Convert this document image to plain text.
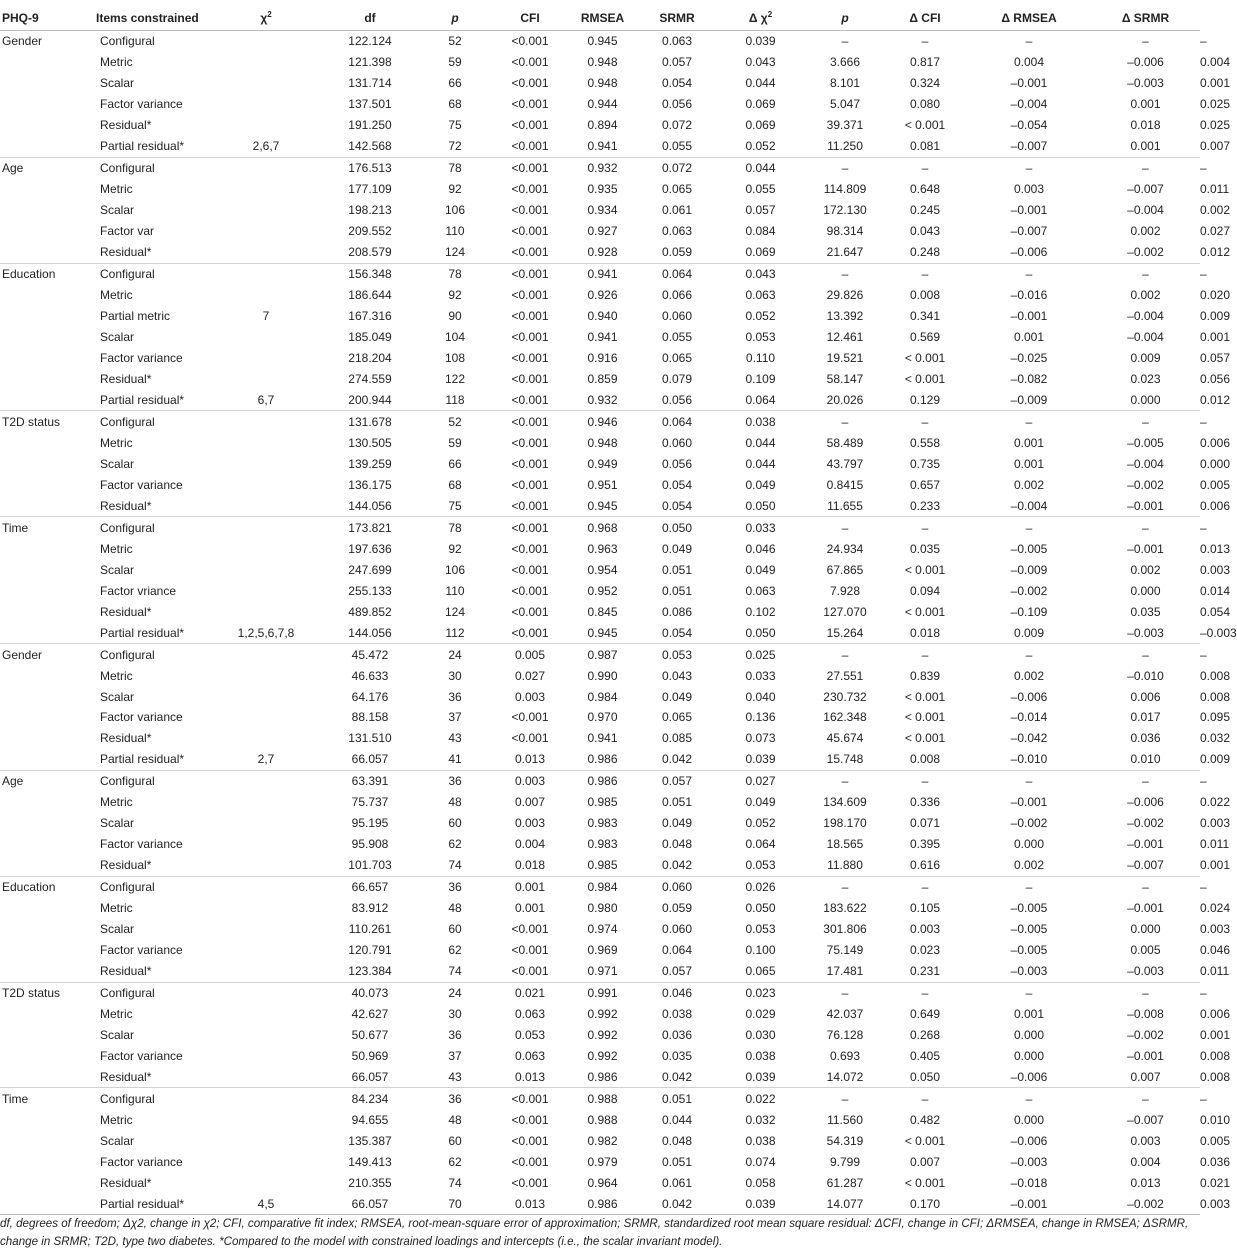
PHQ-9	Items constrained	$\chi^2$	df	p	CFI	RMSEA	SRMR	Δ $\chi^2$	p	Δ CFI	Δ RMSEA	Δ SRMR	
Gender	Configural		122.124	52	<0.001	0.945	0.063	0.039	–	–	–	–	–
	Metric		121.398	59	<0.001	0.948	0.057	0.043	3.666	0.817	0.004	–0.006	0.004
	Scalar		131.714	66	<0.001	0.948	0.054	0.044	8.101	0.324	–0.001	–0.003	0.001
	Factor variance		137.501	68	<0.001	0.944	0.056	0.069	5.047	0.080	–0.004	0.001	0.025
	Residual*		191.250	75	<0.001	0.894	0.072	0.069	39.371	< 0.001	–0.054	0.018	0.025
	Partial residual*	2,6,7	142.568	72	<0.001	0.941	0.055	0.052	11.250	0.081	–0.007	0.001	0.007
Age	Configural		176.513	78	<0.001	0.932	0.072	0.044	–	–	–	–	–
	Metric		177.109	92	<0.001	0.935	0.065	0.055	114.809	0.648	0.003	–0.007	0.011
	Scalar		198.213	106	<0.001	0.934	0.061	0.057	172.130	0.245	–0.001	–0.004	0.002
	Factor var		209.552	110	<0.001	0.927	0.063	0.084	98.314	0.043	–0.007	0.002	0.027
	Residual*		208.579	124	<0.001	0.928	0.059	0.069	21.647	0.248	–0.006	–0.002	0.012
Education	Configural		156.348	78	<0.001	0.941	0.064	0.043	–	–	–	–	–
	Metric		186.644	92	<0.001	0.926	0.066	0.063	29.826	0.008	–0.016	0.002	0.020
	Partial metric	7	167.316	90	<0.001	0.940	0.060	0.052	13.392	0.341	–0.001	–0.004	0.009
	Scalar		185.049	104	<0.001	0.941	0.055	0.053	12.461	0.569	0.001	–0.004	0.001
	Factor variance		218.204	108	<0.001	0.916	0.065	0.110	19.521	< 0.001	–0.025	0.009	0.057
	Residual*		274.559	122	<0.001	0.859	0.079	0.109	58.147	< 0.001	–0.082	0.023	0.056
	Partial residual*	6,7	200.944	118	<0.001	0.932	0.056	0.064	20.026	0.129	–0.009	0.000	0.012
T2D status	Configural		131.678	52	<0.001	0.946	0.064	0.038	–	–	–	–	–
	Metric		130.505	59	<0.001	0.948	0.060	0.044	58.489	0.558	0.001	–0.005	0.006
	Scalar		139.259	66	<0.001	0.949	0.056	0.044	43.797	0.735	0.001	–0.004	0.000
	Factor variance		136.175	68	<0.001	0.951	0.054	0.049	0.8415	0.657	0.002	–0.002	0.005
	Residual*		144.056	75	<0.001	0.945	0.054	0.050	11.655	0.233	–0.004	–0.001	0.006
Time	Configural		173.821	78	<0.001	0.968	0.050	0.033	–	–	–	–	–
	Metric		197.636	92	<0.001	0.963	0.049	0.046	24.934	0.035	–0.005	–0.001	0.013
	Scalar		247.699	106	<0.001	0.954	0.051	0.049	67.865	< 0.001	–0.009	0.002	0.003
	Factor vriance		255.133	110	<0.001	0.952	0.051	0.063	7.928	0.094	–0.002	0.000	0.014
	Residual*		489.852	124	<0.001	0.845	0.086	0.102	127.070	< 0.001	–0.109	0.035	0.054
	Partial residual*	1,2,5,6,7,8	144.056	112	<0.001	0.945	0.054	0.050	15.264	0.018	0.009	–0.003	–0.003
Gender	Configural		45.472	24	0.005	0.987	0.053	0.025	–	–	–	–	–
	Metric		46.633	30	0.027	0.990	0.043	0.033	27.551	0.839	0.002	–0.010	0.008
	Scalar		64.176	36	0.003	0.984	0.049	0.040	230.732	< 0.001	–0.006	0.006	0.008
	Factor variance		88.158	37	<0.001	0.970	0.065	0.136	162.348	< 0.001	–0.014	0.017	0.095
	Residual*		131.510	43	<0.001	0.941	0.085	0.073	45.674	< 0.001	–0.042	0.036	0.032
	Partial residual*	2,7	66.057	41	0.013	0.986	0.042	0.039	15.748	0.008	–0.010	0.010	0.009
Age	Configural		63.391	36	0.003	0.986	0.057	0.027	–	–	–	–	–
	Metric		75.737	48	0.007	0.985	0.051	0.049	134.609	0.336	–0.001	–0.006	0.022
	Scalar		95.195	60	0.003	0.983	0.049	0.052	198.170	0.071	–0.002	–0.002	0.003
	Factor variance		95.908	62	0.004	0.983	0.048	0.064	18.565	0.395	0.000	–0.001	0.011
	Residual*		101.703	74	0.018	0.985	0.042	0.053	11.880	0.616	0.002	–0.007	0.001
Education	Configural		66.657	36	0.001	0.984	0.060	0.026	–	–	–	–	–
	Metric		83.912	48	0.001	0.980	0.059	0.050	183.622	0.105	–0.005	–0.001	0.024
	Scalar		110.261	60	<0.001	0.974	0.060	0.053	301.806	0.003	–0.005	0.000	0.003
	Factor variance		120.791	62	<0.001	0.969	0.064	0.100	75.149	0.023	–0.005	0.005	0.046
	Residual*		123.384	74	<0.001	0.971	0.057	0.065	17.481	0.231	–0.003	–0.003	0.011
T2D status	Configural		40.073	24	0.021	0.991	0.046	0.023	–	–	–	–	–
	Metric		42.627	30	0.063	0.992	0.038	0.029	42.037	0.649	0.001	–0.008	0.006
	Scalar		50.677	36	0.053	0.992	0.036	0.030	76.128	0.268	0.000	–0.002	0.001
	Factor variance		50.969	37	0.063	0.992	0.035	0.038	0.693	0.405	0.000	–0.001	0.008
	Residual*		66.057	43	0.013	0.986	0.042	0.039	14.072	0.050	–0.006	0.007	0.008
Time	Configural		84.234	36	<0.001	0.988	0.051	0.022	–	–	–	–	–
	Metric		94.655	48	<0.001	0.988	0.044	0.032	11.560	0.482	0.000	–0.007	0.010
	Scalar		135.387	60	<0.001	0.982	0.048	0.038	54.319	< 0.001	–0.006	0.003	0.005
	Factor variance		149.413	62	<0.001	0.979	0.051	0.074	9.799	0.007	–0.003	0.004	0.036
	Residual*		210.355	74	<0.001	0.964	0.061	0.058	61.287	< 0.001	–0.018	0.013	0.021
	Partial residual*	4,5	66.057	70	0.013	0.986	0.042	0.039	14.077	0.170	–0.001	–0.002	0.003
df, degrees of freedom; Δχ2, change in χ2; CFI, comparative fit index; RMSEA, root-mean-square error of approximation; SRMR, standardized root mean square residual: ΔCFI, change in CFI; ΔRMSEA, change in RMSEA; ΔSRMR, change in SRMR; T2D, type two diabetes. *Compared to the model with constrained loadings and intercepts (i.e., the scalar invariant model).
